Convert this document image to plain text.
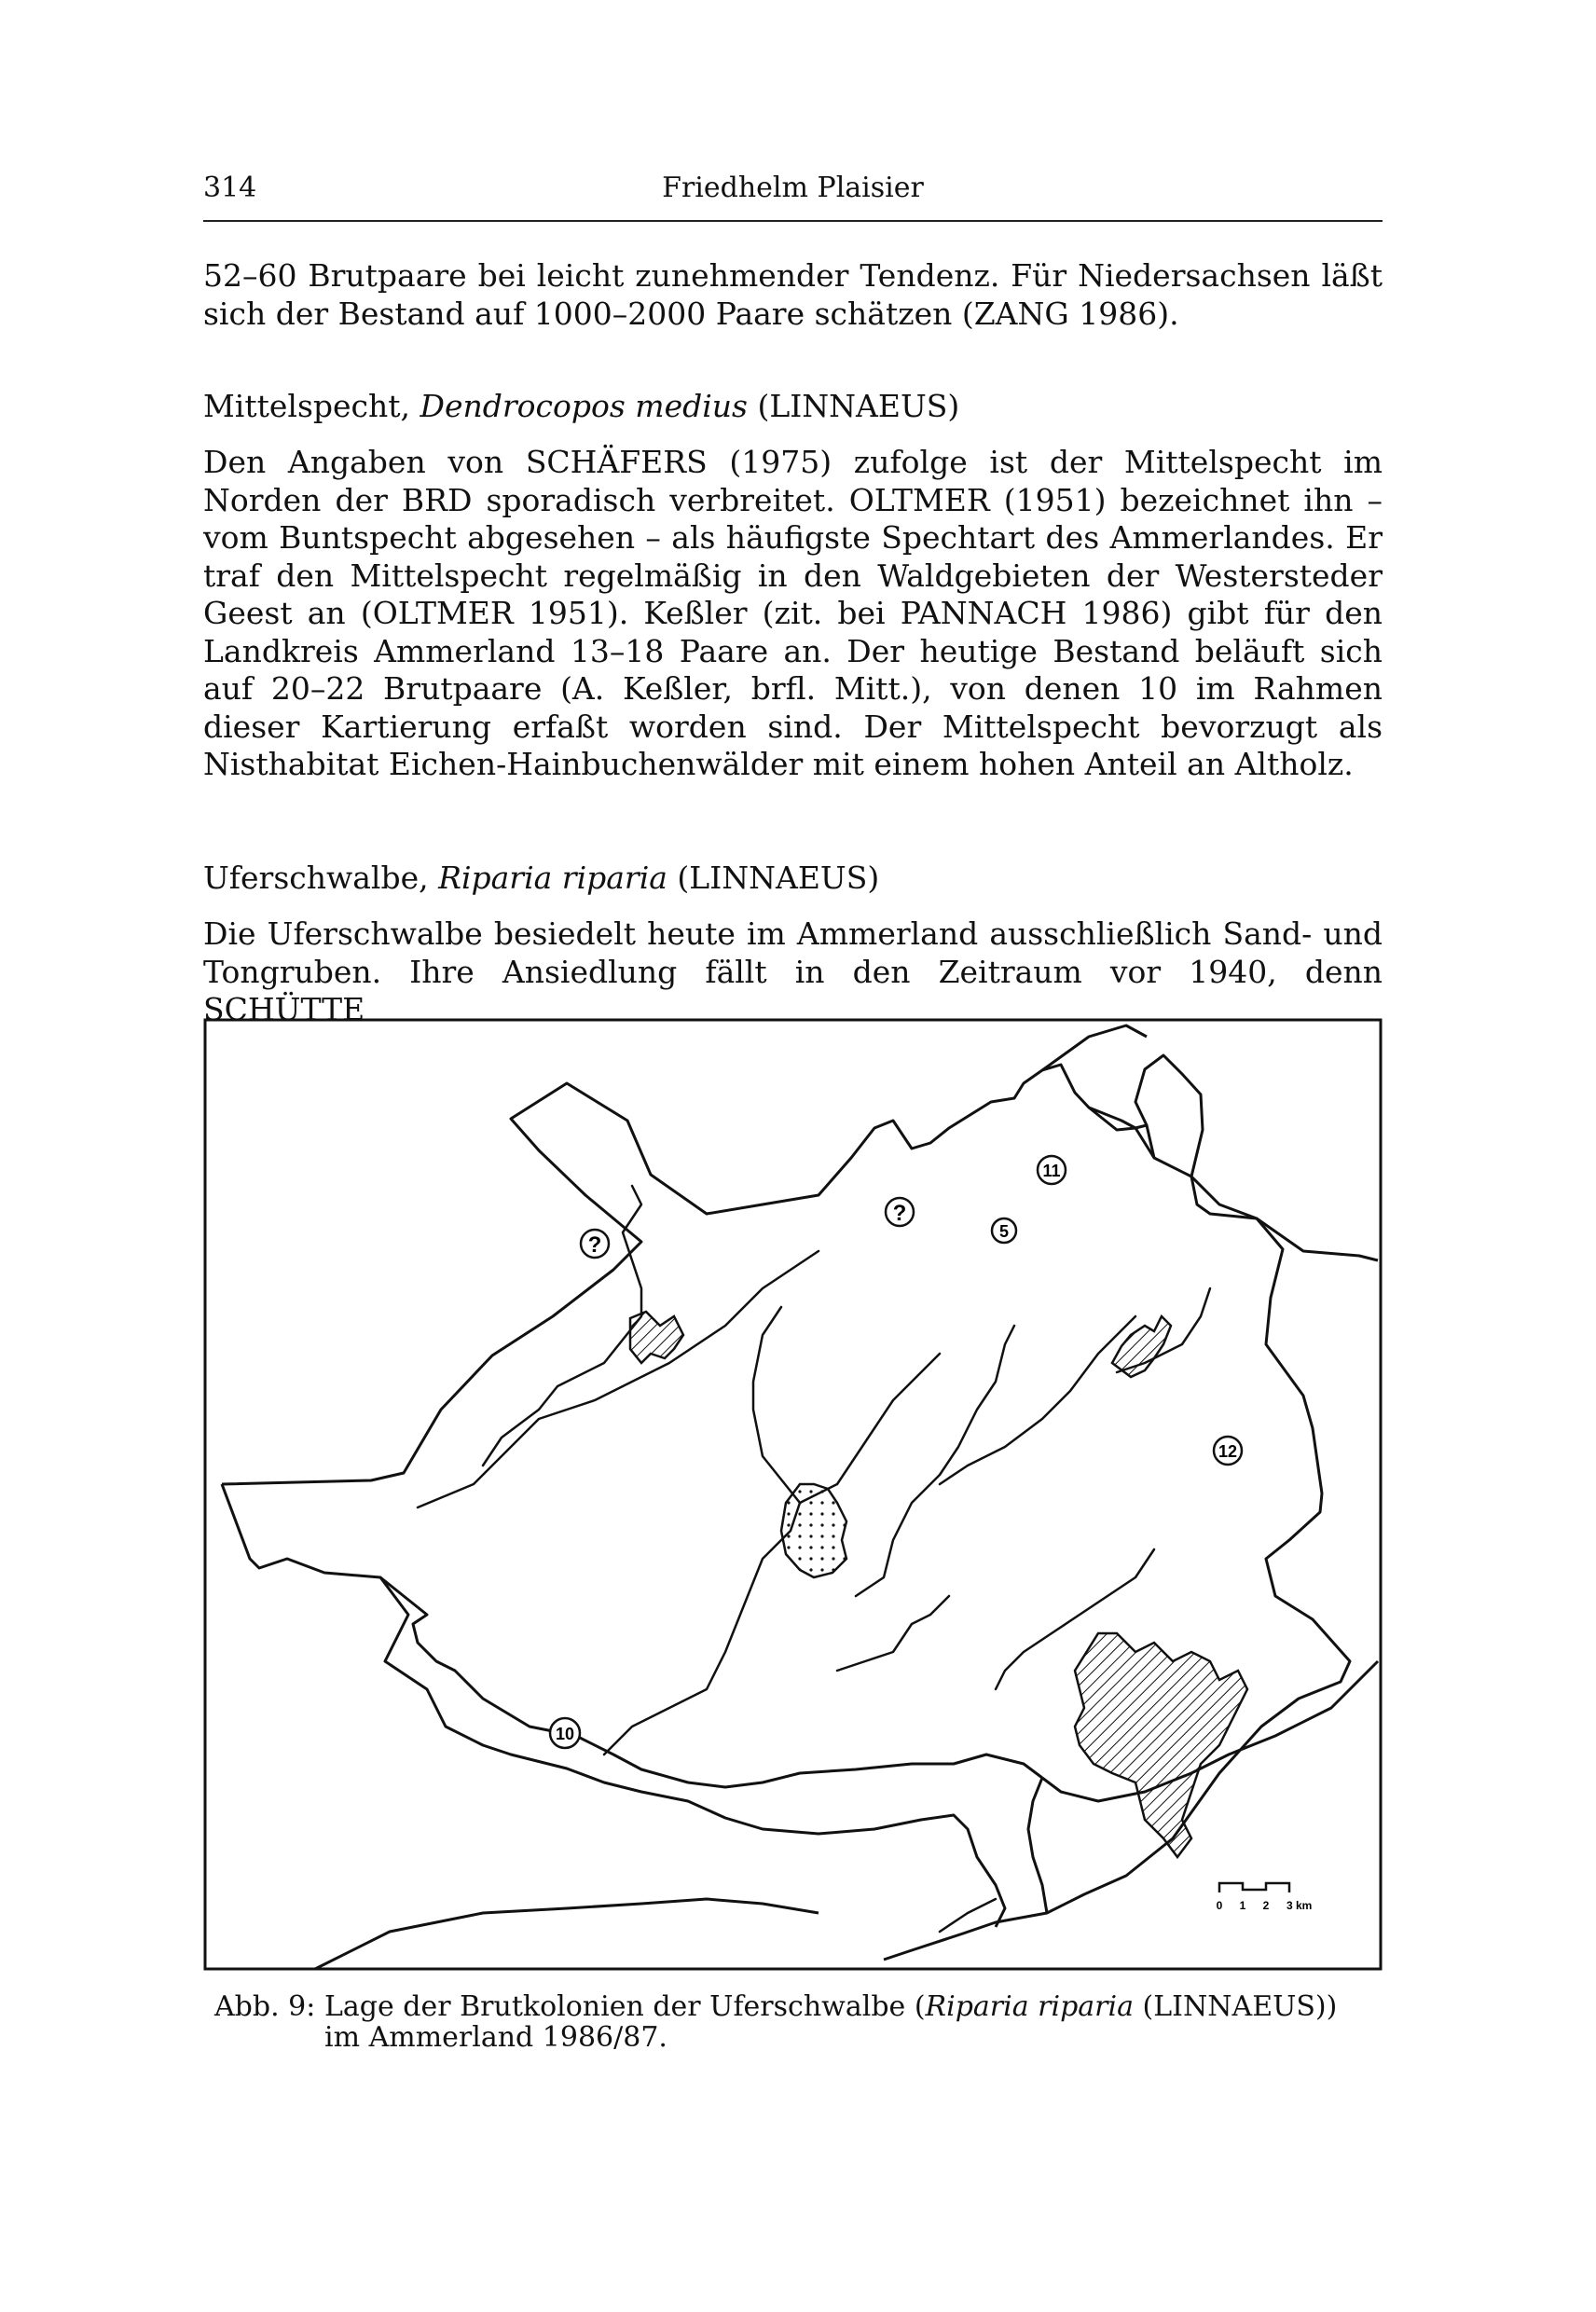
314	Friedhelm Plaisier

52–60 Brutpaare bei leicht zunehmender Tendenz. Für Niedersachsen läßt sich der Bestand auf 1000–2000 Paare schätzen (ZANG 1986).

Mittelspecht, Dendrocopos medius (LINNAEUS)

Den Angaben von SCHÄFERS (1975) zufolge ist der Mittelspecht im Norden der BRD sporadisch verbreitet. OLTMER (1951) bezeichnet ihn – vom Buntspecht abgesehen – als häufigste Spechtart des Ammerlandes. Er traf den Mittelspecht regelmäßig in den Waldgebieten der Westersteder Geest an (OLTMER 1951). Keßler (zit. bei PANNACH 1986) gibt für den Landkreis Ammerland 13–18 Paare an. Der heutige Bestand beläuft sich auf 20–22 Brutpaare (A. Keßler, brfl. Mitt.), von denen 10 im Rahmen dieser Kartierung erfaßt worden sind. Der Mittelspecht bevorzugt als Nisthabitat Eichen-Hainbuchenwälder mit einem hohen Anteil an Altholz.

Uferschwalbe, Riparia riparia (LINNAEUS)

Die Uferschwalbe besiedelt heute im Ammerland ausschließlich Sand- und Tongruben. Ihre Ansiedlung fällt in den Zeitraum vor 1940, denn SCHÜTTE

?
?
11
5
12
10
0 1 2 3 km
Abb. 9: Lage der Brutkolonien der Uferschwalbe (Riparia riparia (LINNAEUS)) im Ammerland 1986/87.
